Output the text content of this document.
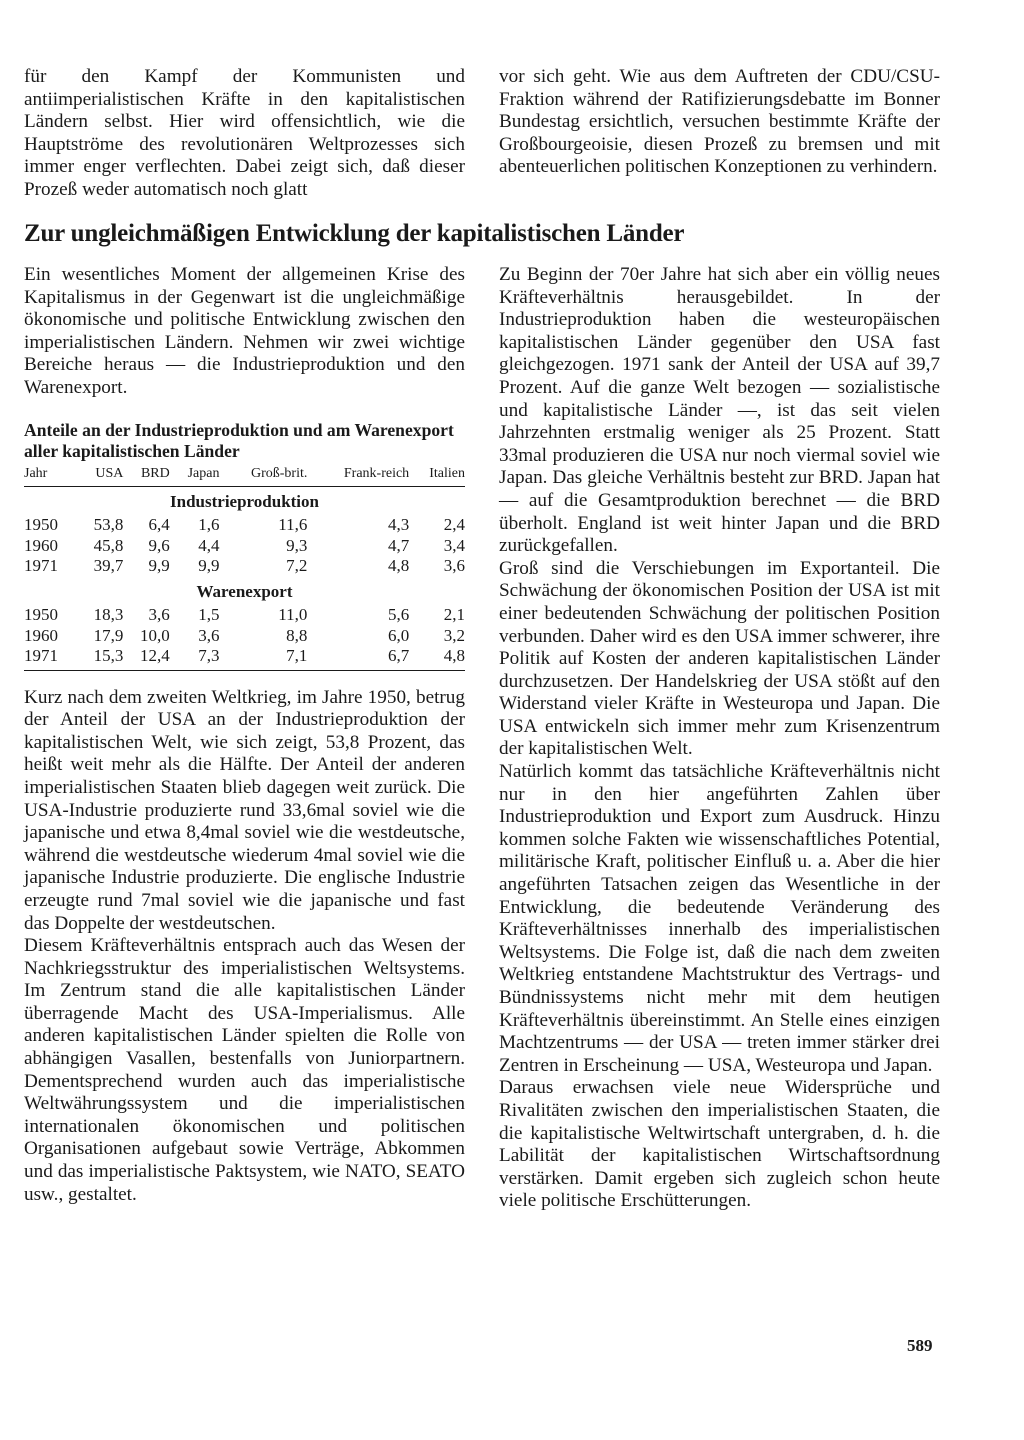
für den Kampf der Kommunisten und antiimperialistischen Kräfte in den kapitalistischen Ländern selbst. Hier wird offensichtlich, wie die Hauptströme des revolutionären Weltprozesses sich immer enger verflechten. Dabei zeigt sich, daß dieser Prozeß weder automatisch noch glatt

vor sich geht. Wie aus dem Auftreten der CDU/CSU-Fraktion während der Ratifizierungsdebatte im Bonner Bundestag ersichtlich, versuchen bestimmte Kräfte der Großbourgeoisie, diesen Prozeß zu bremsen und mit abenteuerlichen politischen Konzeptionen zu verhindern.

Zur ungleichmäßigen Entwicklung der kapitalistischen Länder

Ein wesentliches Moment der allgemeinen Krise des Kapitalismus in der Gegenwart ist die ungleichmäßige ökonomische und politische Entwicklung zwischen den imperialistischen Ländern. Nehmen wir zwei wichtige Bereiche heraus — die Industrieproduktion und den Warenexport.

Anteile an der Industrieproduktion und am Warenexport aller kapitalistischen Länder
Jahr	USA	BRD	Japan	Groß-brit.	Frank-reich	Italien
Industrieproduktion						
1950	53,8	6,4	1,6	11,6	4,3	2,4
1960	45,8	9,6	4,4	9,3	4,7	3,4
1971	39,7	9,9	9,9	7,2	4,8	3,6
Warenexport						
1950	18,3	3,6	1,5	11,0	5,6	2,1
1960	17,9	10,0	3,6	8,8	6,0	3,2
1971	15,3	12,4	7,3	7,1	6,7	4,8

Kurz nach dem zweiten Weltkrieg, im Jahre 1950, betrug der Anteil der USA an der Industrieproduktion der kapitalistischen Welt, wie sich zeigt, 53,8 Prozent, das heißt weit mehr als die Hälfte. Der Anteil der anderen imperialistischen Staaten blieb dagegen weit zurück. Die USA-Industrie produzierte rund 33,6mal soviel wie die japanische und etwa 8,4mal soviel wie die westdeutsche, während die westdeutsche wiederum 4mal soviel wie die japanische Industrie produzierte. Die englische Industrie erzeugte rund 7mal soviel wie die japanische und fast das Doppelte der westdeutschen.

Diesem Kräfteverhältnis entsprach auch das Wesen der Nachkriegsstruktur des imperialistischen Weltsystems. Im Zentrum stand die alle kapitalistischen Länder überragende Macht des USA-Imperialismus. Alle anderen kapitalistischen Länder spielten die Rolle von abhängigen Vasallen, bestenfalls von Juniorpartnern. Dementsprechend wurden auch das imperialistische Weltwährungssystem und die imperialistischen internationalen ökonomischen und politischen Organisationen aufgebaut sowie Verträge, Abkommen und das imperialistische Paktsystem, wie NATO, SEATO usw., gestaltet.

Zu Beginn der 70er Jahre hat sich aber ein völlig neues Kräfteverhältnis herausgebildet. In der Industrieproduktion haben die westeuropäischen kapitalistischen Länder gegenüber den USA fast gleichgezogen. 1971 sank der Anteil der USA auf 39,7 Prozent. Auf die ganze Welt bezogen — sozialistische und kapitalistische Länder —, ist das seit vielen Jahrzehnten erstmalig weniger als 25 Prozent. Statt 33mal produzieren die USA nur noch viermal soviel wie Japan. Das gleiche Verhältnis besteht zur BRD. Japan hat — auf die Gesamtproduktion berechnet — die BRD überholt. England ist weit hinter Japan und die BRD zurückgefallen.

Groß sind die Verschiebungen im Exportanteil. Die Schwächung der ökonomischen Position der USA ist mit einer bedeutenden Schwächung der politischen Position verbunden. Daher wird es den USA immer schwerer, ihre Politik auf Kosten der anderen kapitalistischen Länder durchzusetzen. Der Handelskrieg der USA stößt auf den Widerstand vieler Kräfte in Westeuropa und Japan. Die USA entwickeln sich immer mehr zum Krisenzentrum der kapitalistischen Welt.

Natürlich kommt das tatsächliche Kräfteverhältnis nicht nur in den hier angeführten Zahlen über Industrieproduktion und Export zum Ausdruck. Hinzu kommen solche Fakten wie wissenschaftliches Potential, militärische Kraft, politischer Einfluß u. a. Aber die hier angeführten Tatsachen zeigen das Wesentliche in der Entwicklung, die bedeutende Veränderung des Kräfteverhältnisses innerhalb des imperialistischen Weltsystems. Die Folge ist, daß die nach dem zweiten Weltkrieg entstandene Machtstruktur des Vertrags- und Bündnissystems nicht mehr mit dem heutigen Kräfteverhältnis übereinstimmt. An Stelle eines einzigen Machtzentrums — der USA — treten immer stärker drei Zentren in Erscheinung — USA, Westeuropa und Japan.

Daraus erwachsen viele neue Widersprüche und Rivalitäten zwischen den imperialistischen Staaten, die die kapitalistische Weltwirtschaft untergraben, d. h. die Labilität der kapitalistischen Wirtschaftsordnung verstärken. Damit ergeben sich zugleich schon heute viele politische Erschütterungen.

589
